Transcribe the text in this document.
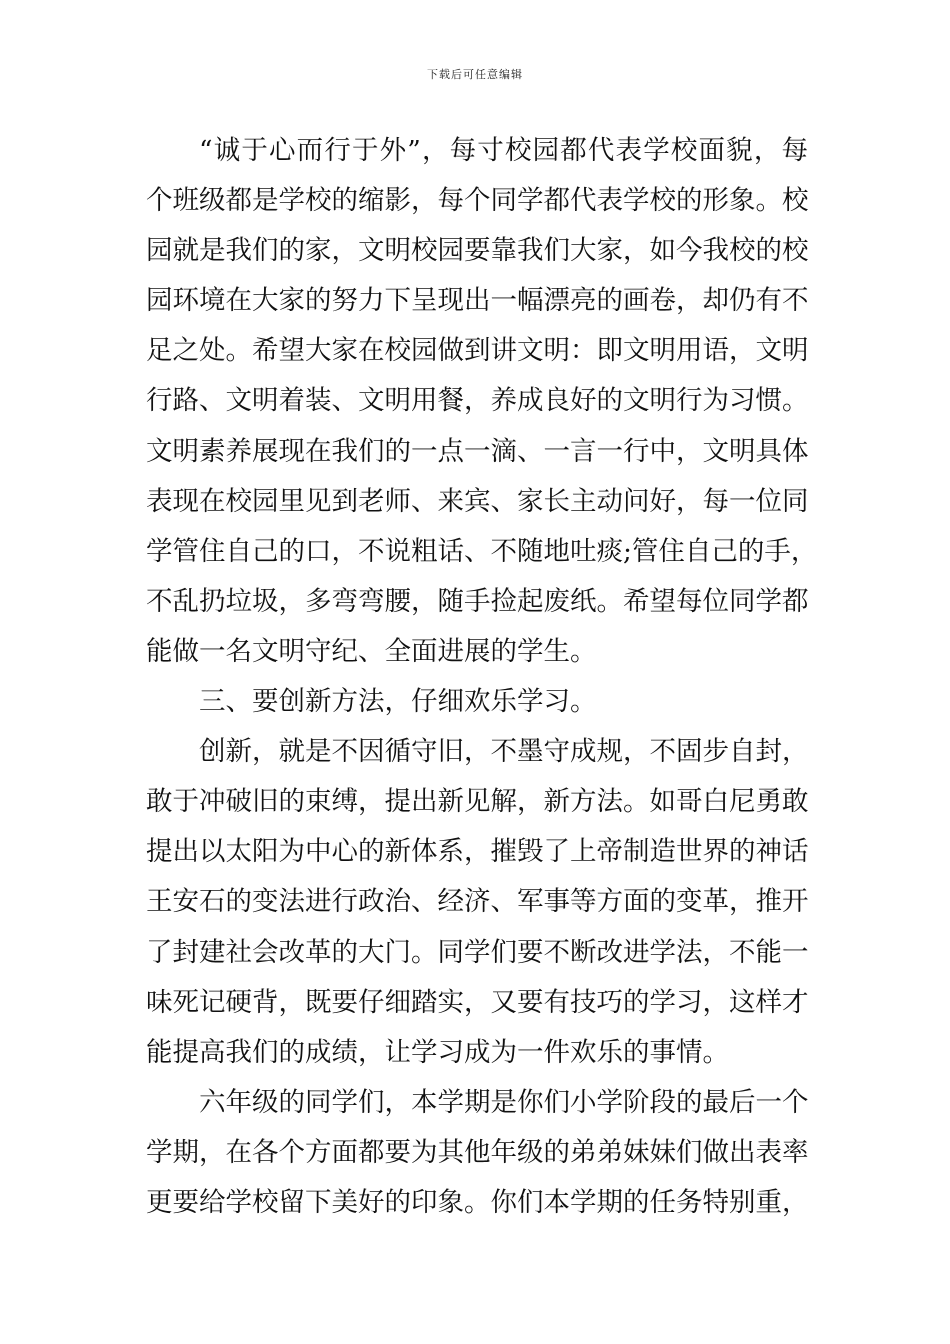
下载后可任意编辑
“诚于心而行于外”，每寸校园都代表学校面貌，每
个班级都是学校的缩影，每个同学都代表学校的形象。校
园就是我们的家，文明校园要靠我们大家，如今我校的校
园环境在大家的努力下呈现出一幅漂亮的画卷，却仍有不
足之处。希望大家在校园做到讲文明：即文明用语，文明
行路、文明着装、文明用餐，养成良好的文明行为习惯。
文明素养展现在我们的一点一滴、一言一行中，文明具体
表现在校园里见到老师、来宾、家长主动问好，每一位同
学管住自己的口，不说粗话、不随地吐痰;管住自己的手，
不乱扔垃圾，多弯弯腰，随手捡起废纸。希望每位同学都
能做一名文明守纪、全面进展的学生。
三、要创新方法，仔细欢乐学习。
创新，就是不因循守旧，不墨守成规，不固步自封，
敢于冲破旧的束缚，提出新见解，新方法。如哥白尼勇敢
提出以太阳为中心的新体系，摧毁了上帝制造世界的神话
王安石的变法进行政治、经济、军事等方面的变革，推开
了封建社会改革的大门。同学们要不断改进学法，不能一
味死记硬背，既要仔细踏实，又要有技巧的学习，这样才
能提高我们的成绩，让学习成为一件欢乐的事情。
六年级的同学们，本学期是你们小学阶段的最后一个
学期，在各个方面都要为其他年级的弟弟妹妹们做出表率
更要给学校留下美好的印象。你们本学期的任务特别重，
